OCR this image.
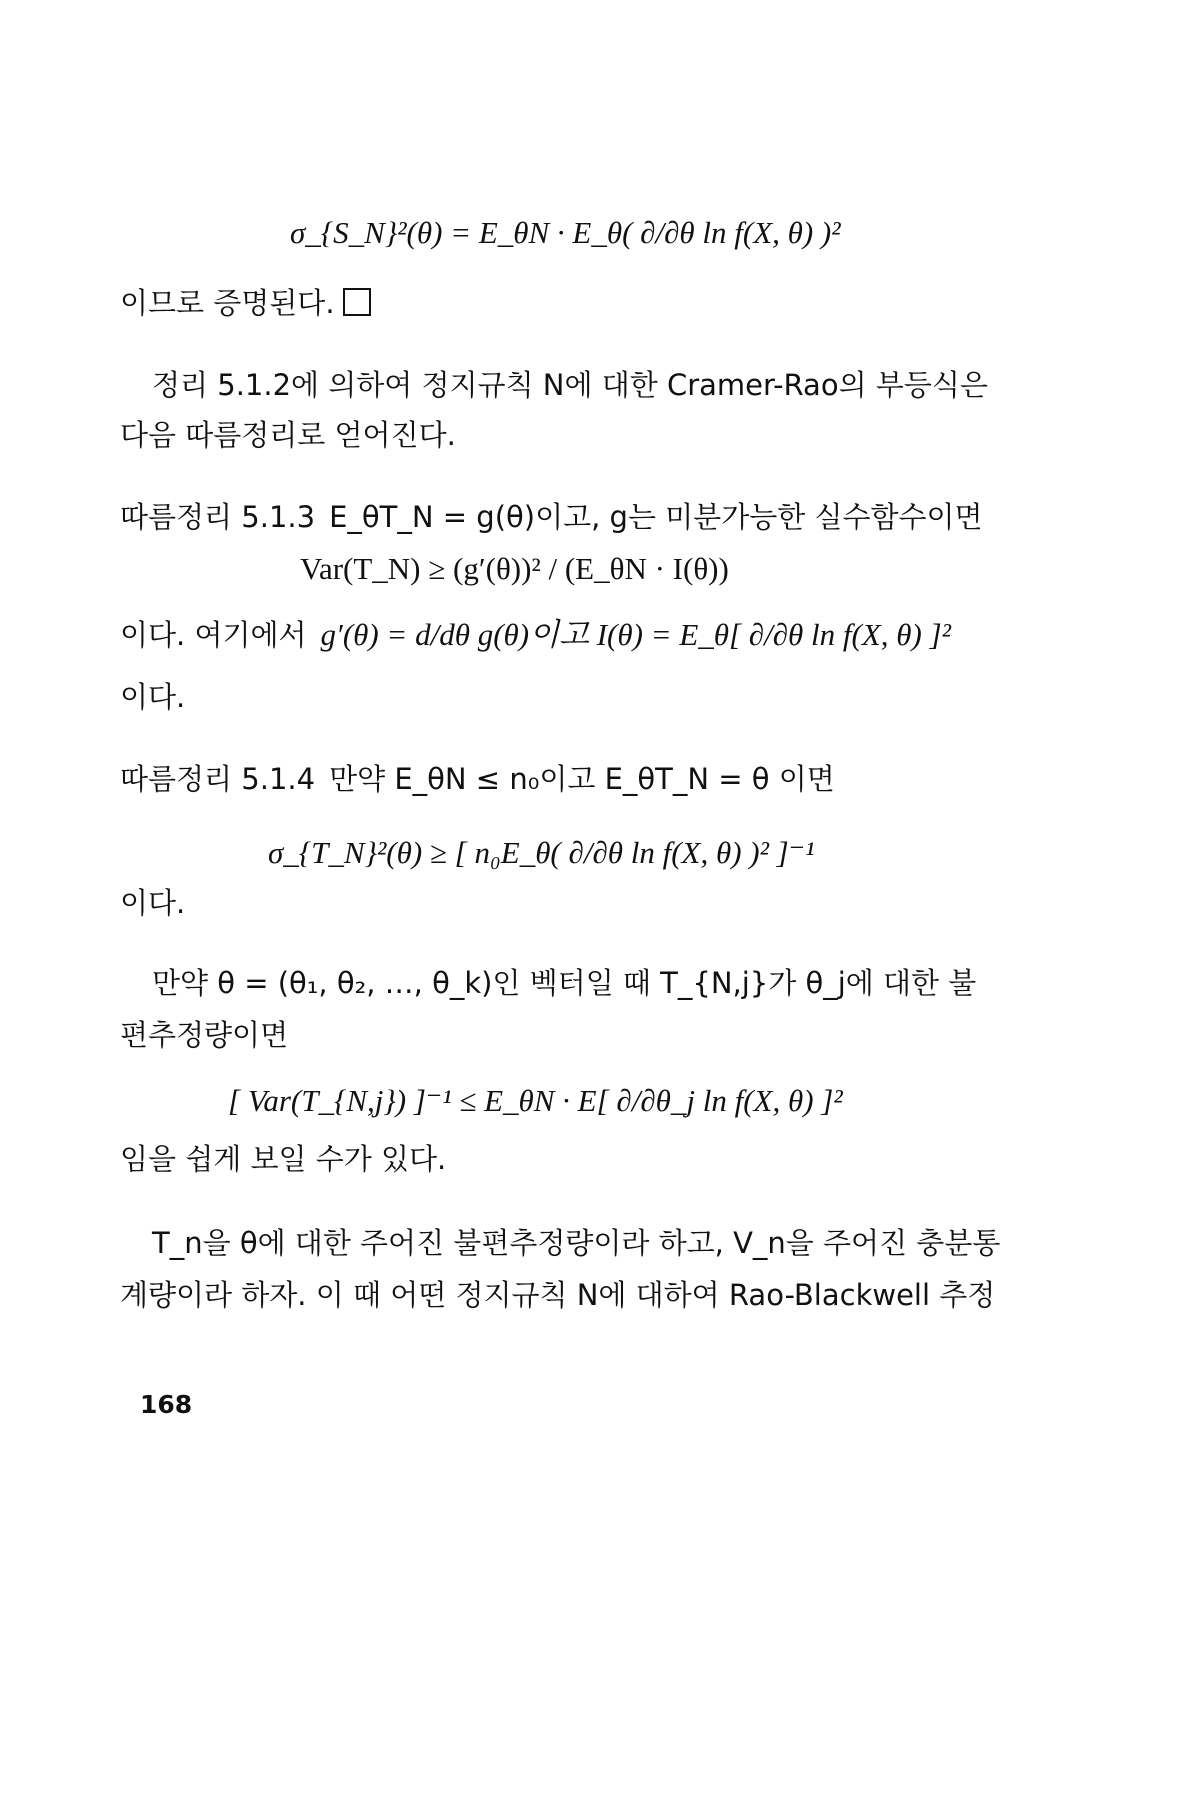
σ_{S_N}²(θ) = E_θN · E_θ( ∂/∂θ ln f(X, θ) )²
이므로 증명된다.
정리 5.1.2에 의하여 정지규칙 N에 대한 Cramer-Rao의 부등식은
다음 따름정리로 얻어진다.
따름정리 5.1.3 E_θT_N = g(θ)이고, g는 미분가능한 실수함수이면
Var(T_N) ≥ (g′(θ))² / (E_θN · I(θ))
이다. 여기에서 g′(θ) = d/dθ g(θ)이고 I(θ) = E_θ[ ∂/∂θ ln f(X, θ) ]²
이다.
따름정리 5.1.4 만약 E_θN ≤ n₀이고 E_θT_N = θ 이면
σ_{T_N}²(θ) ≥ [ n₀E_θ( ∂/∂θ ln f(X, θ) )² ]⁻¹
이다.
만약 θ = (θ₁, θ₂, …, θ_k)인 벡터일 때 T_{N,j}가 θ_j에 대한 불
편추정량이면
[ Var(T_{N,j}) ]⁻¹ ≤ E_θN · E[ ∂/∂θ_j ln f(X, θ) ]²
임을 쉽게 보일 수가 있다.
T_n을 θ에 대한 주어진 불편추정량이라 하고, V_n을 주어진 충분통
계량이라 하자. 이 때 어떤 정지규칙 N에 대하여 Rao-Blackwell 추정
168
